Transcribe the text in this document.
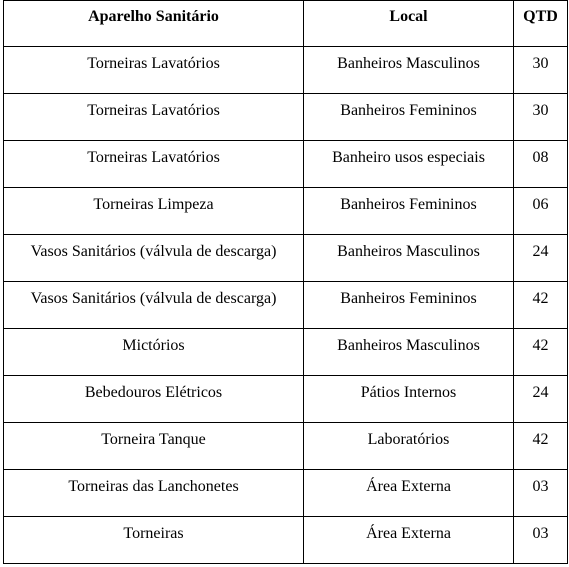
Aparelho Sanitário	Local	QTD
Torneiras Lavatórios	Banheiros Masculinos	30
Torneiras Lavatórios	Banheiros Femininos	30
Torneiras Lavatórios	Banheiro usos especiais	08
Torneiras Limpeza	Banheiros Femininos	06
Vasos Sanitários (válvula de descarga)	Banheiros Masculinos	24
Vasos Sanitários (válvula de descarga)	Banheiros Femininos	42
Mictórios	Banheiros Masculinos	42
Bebedouros Elétricos	Pátios Internos	24
Torneira Tanque	Laboratórios	42
Torneiras das Lanchonetes	Área Externa	03
Torneiras	Área Externa	03
